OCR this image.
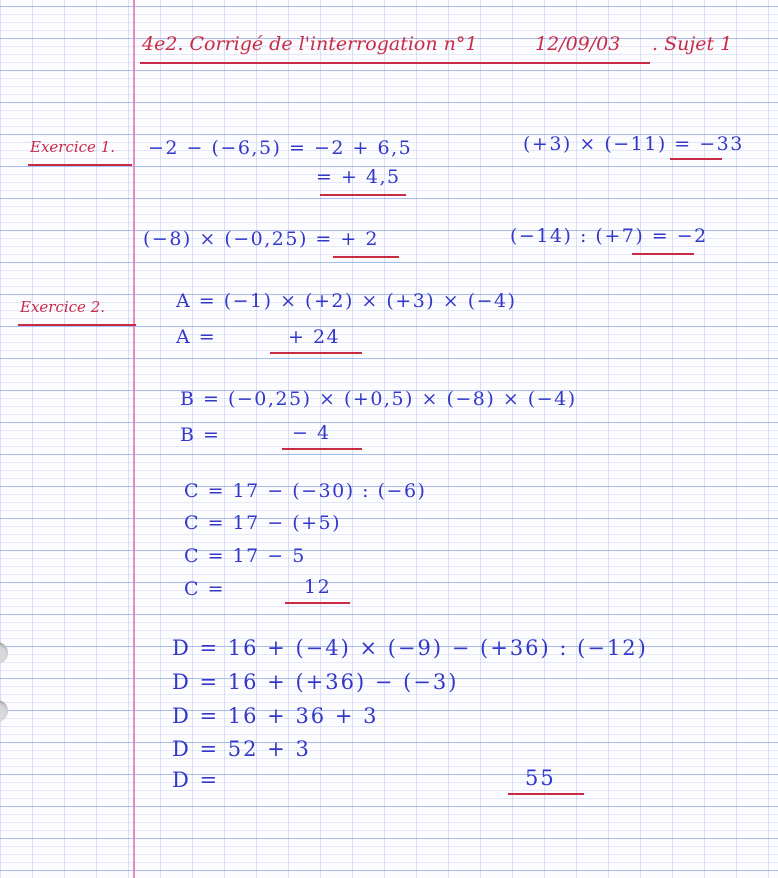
4e2. Corrigé de l'interrogation n°1	12/09/03 . Sujet 1
Exercice 1. −2 − (−6,5) = −2 + 6,5
= + 4,5
(+3) × (−11) = −33
(−8) × (−0,25) = + 2	(−14) : (+7) = −2
Exercice 2.	A = (−1) × (+2) × (+3) × (−4)
A =	+ 24
B = (−0,25) × (+0,5) × (−8) × (−4)
B =	− 4
C = 17 − (−30) : (−6)
C = 17 − (+5)
C = 17 − 5
C =	12
D = 16 + (−4) × (−9) − (+36) : (−12)
D = 16 + (+36) − (−3)
D = 16 + 36 + 3
D = 52 + 3
D =	55
